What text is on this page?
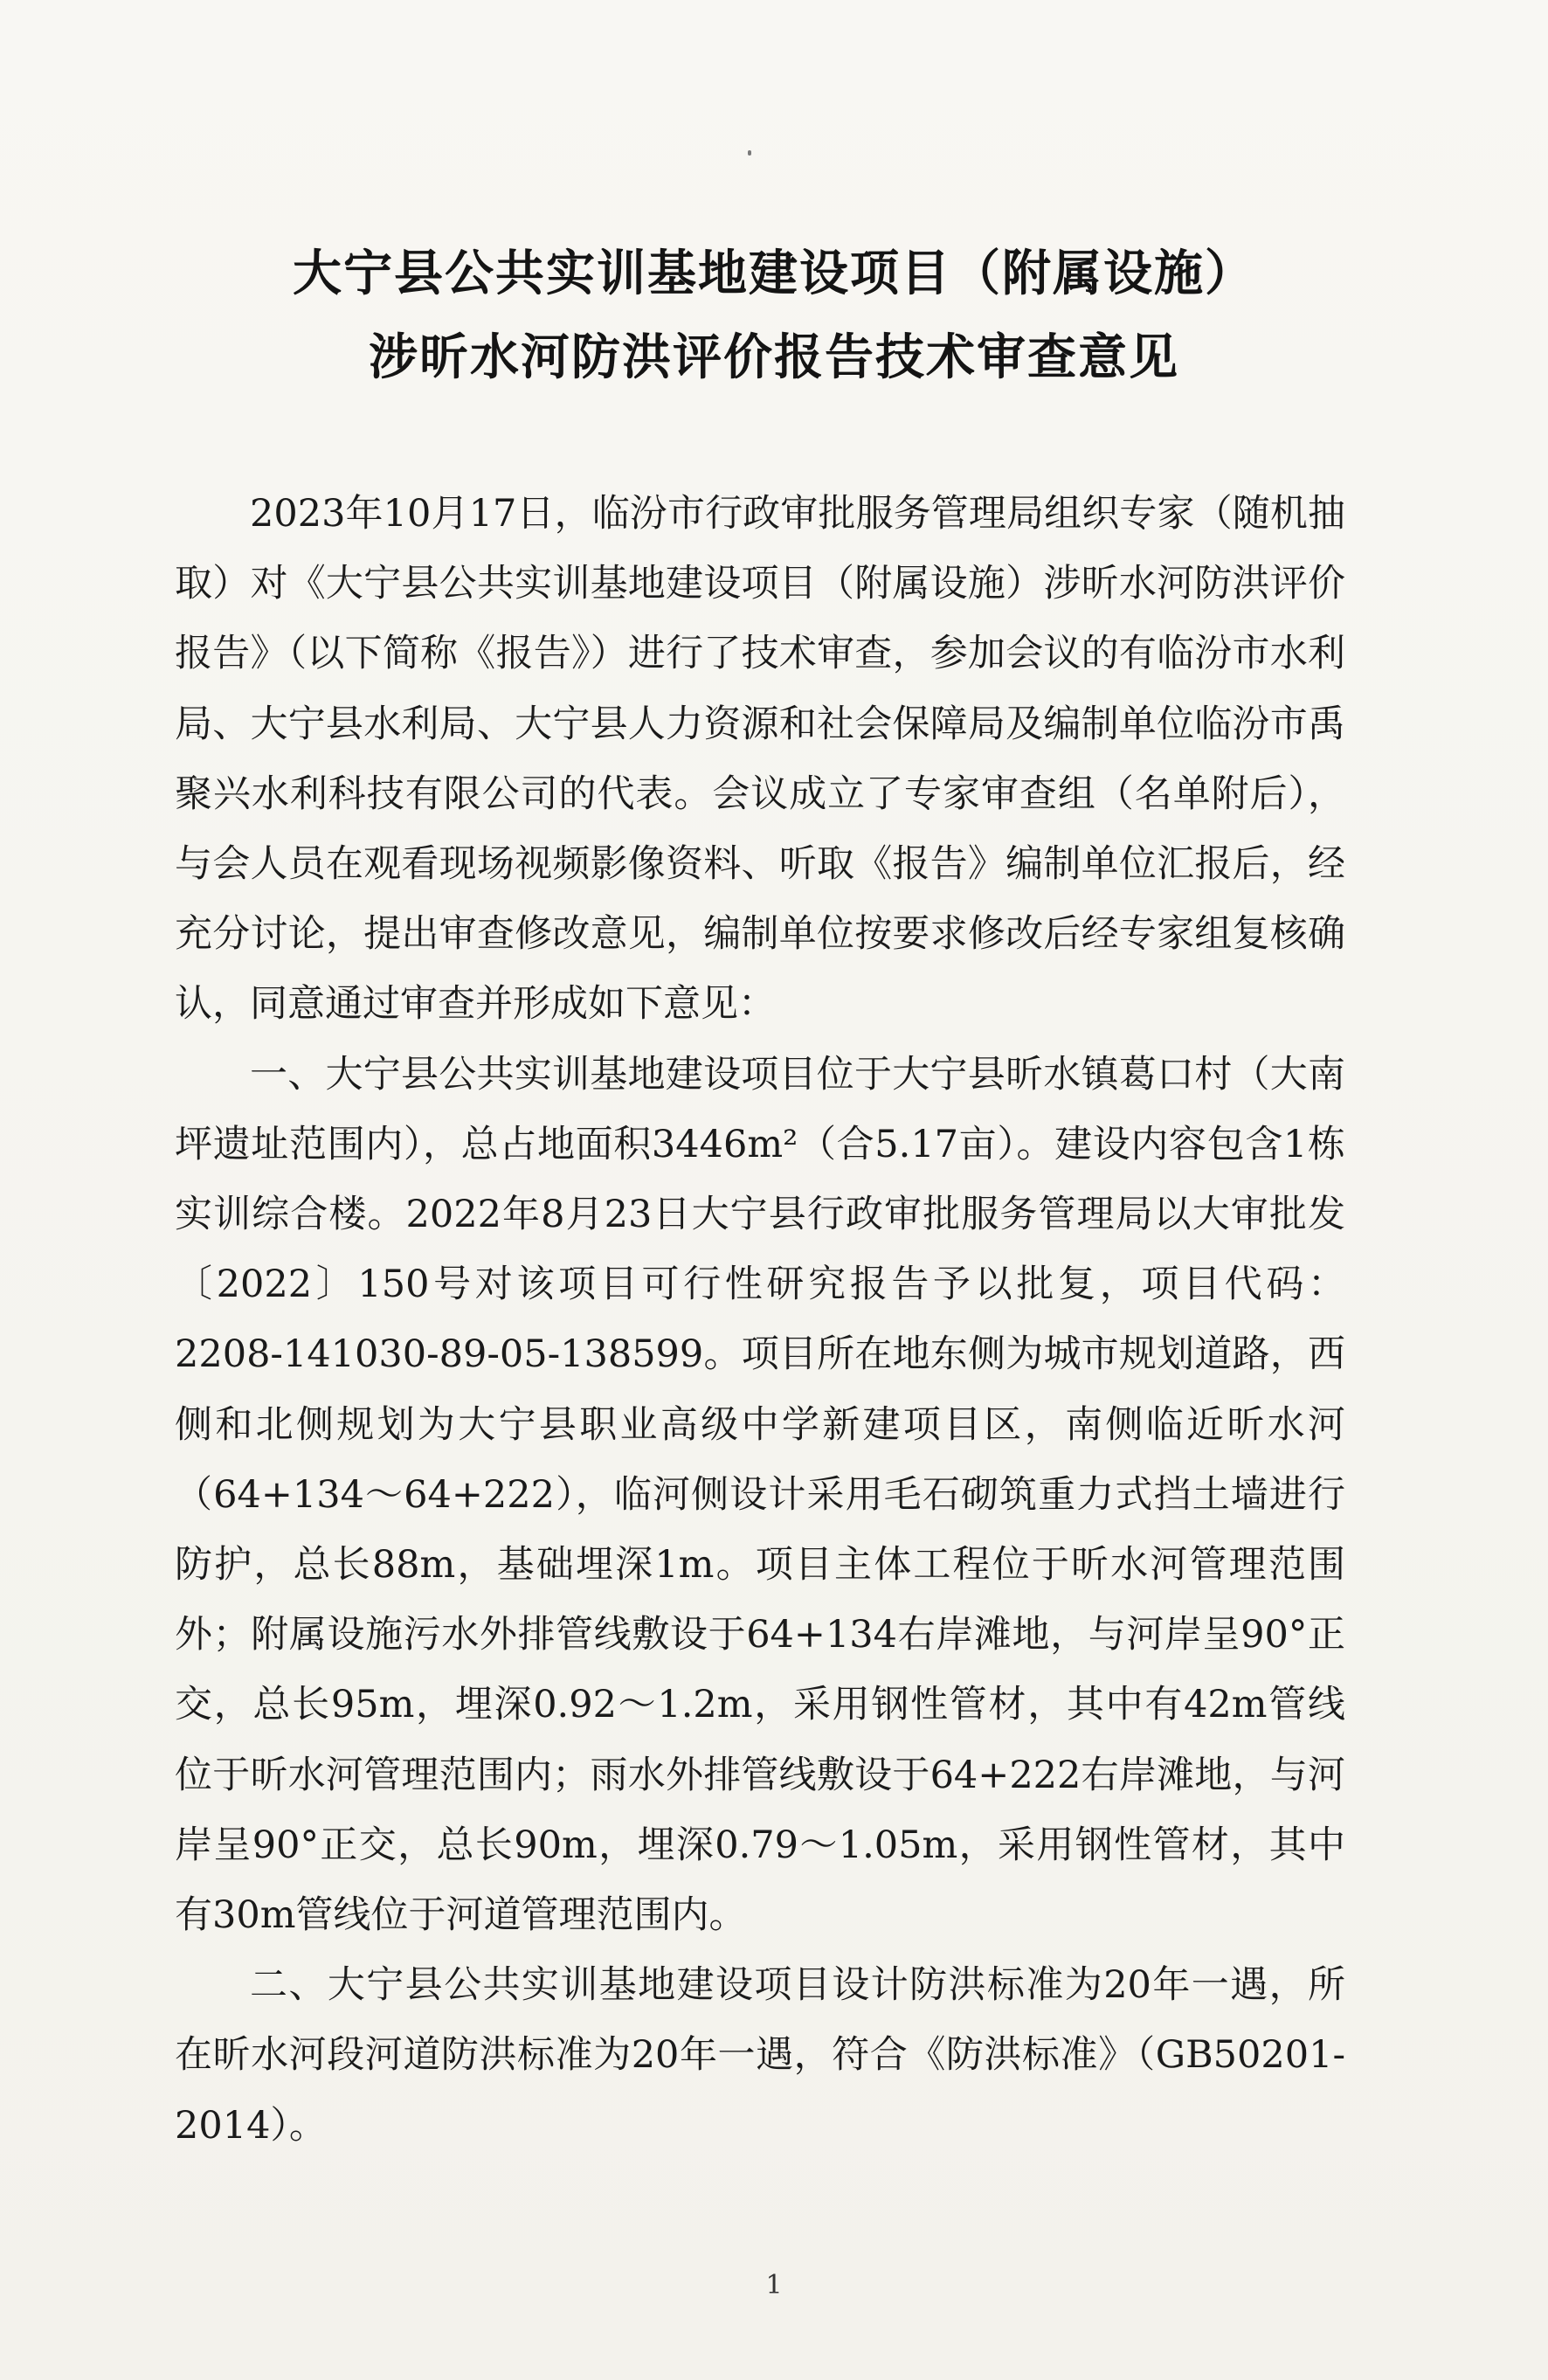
大宁县公共实训基地建设项目（附属设施）
涉昕水河防洪评价报告技术审查意见

2023年10月17日，临汾市行政审批服务管理局组织专家（随机抽取）对《大宁县公共实训基地建设项目（附属设施）涉昕水河防洪评价报告》（以下简称《报告》）进行了技术审查，参加会议的有临汾市水利局、大宁县水利局、大宁县人力资源和社会保障局及编制单位临汾市禹聚兴水利科技有限公司的代表。会议成立了专家审查组（名单附后），与会人员在观看现场视频影像资料、听取《报告》编制单位汇报后，经充分讨论，提出审查修改意见，编制单位按要求修改后经专家组复核确认，同意通过审查并形成如下意见：

一、大宁县公共实训基地建设项目位于大宁县昕水镇葛口村（大南坪遗址范围内），总占地面积3446m²（合5.17亩）。建设内容包含1栋实训综合楼。2022年8月23日大宁县行政审批服务管理局以大审批发〔2022〕150号对该项目可行性研究报告予以批复，项目代码：2208-141030-89-05-138599。项目所在地东侧为城市规划道路，西侧和北侧规划为大宁县职业高级中学新建项目区，南侧临近昕水河（64+134～64+222），临河侧设计采用毛石砌筑重力式挡土墙进行防护，总长88m，基础埋深1m。项目主体工程位于昕水河管理范围外；附属设施污水外排管线敷设于64+134右岸滩地，与河岸呈90°正交，总长95m，埋深0.92～1.2m，采用钢性管材，其中有42m管线位于昕水河管理范围内；雨水外排管线敷设于64+222右岸滩地，与河岸呈90°正交，总长90m，埋深0.79～1.05m，采用钢性管材，其中有30m管线位于河道管理范围内。

二、大宁县公共实训基地建设项目设计防洪标准为20年一遇，所在昕水河段河道防洪标准为20年一遇，符合《防洪标准》（GB50201-2014）。

1
